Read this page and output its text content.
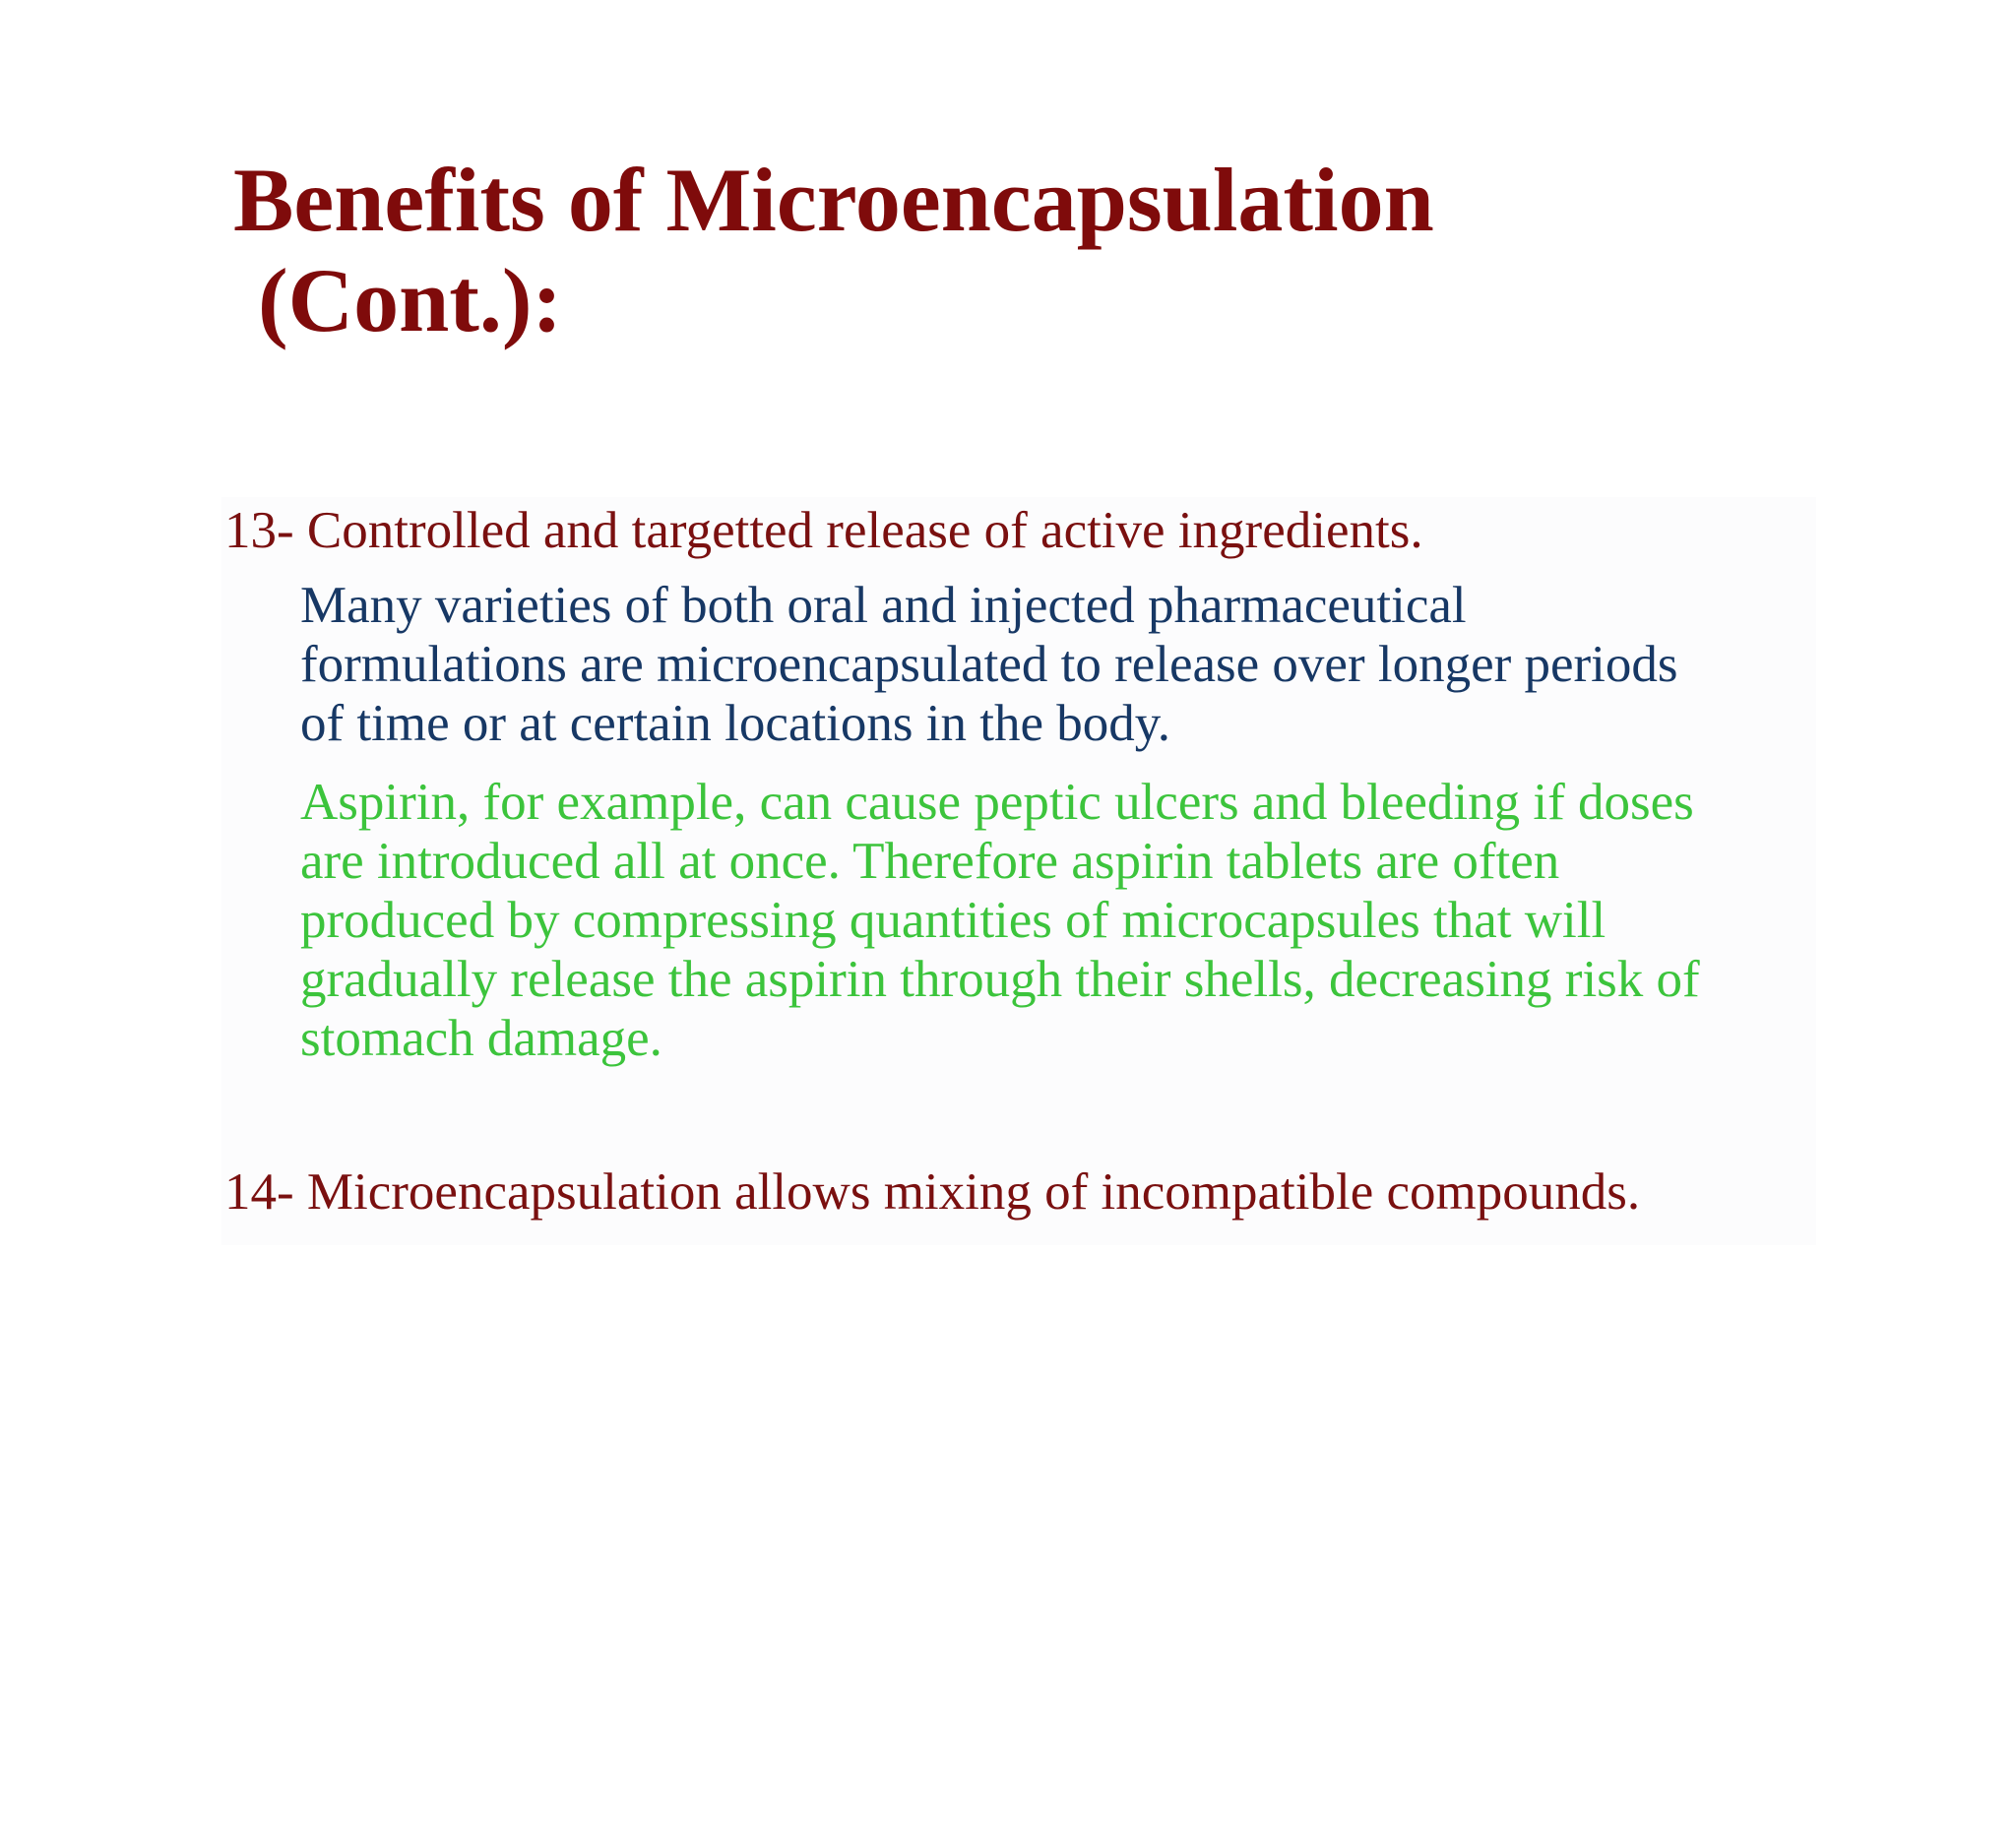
Benefits of Microencapsulation
(Cont.):

13- Controlled and targetted release of active ingredients.

Many varieties of both oral and injected pharmaceutical
formulations are microencapsulated to release over longer periods
of time or at certain locations in the body.

Aspirin, for example, can cause peptic ulcers and bleeding if doses
are introduced all at once. Therefore aspirin tablets are often
produced by compressing quantities of microcapsules that will
gradually release the aspirin through their shells, decreasing risk of
stomach damage.

14- Microencapsulation allows mixing of incompatible compounds.
